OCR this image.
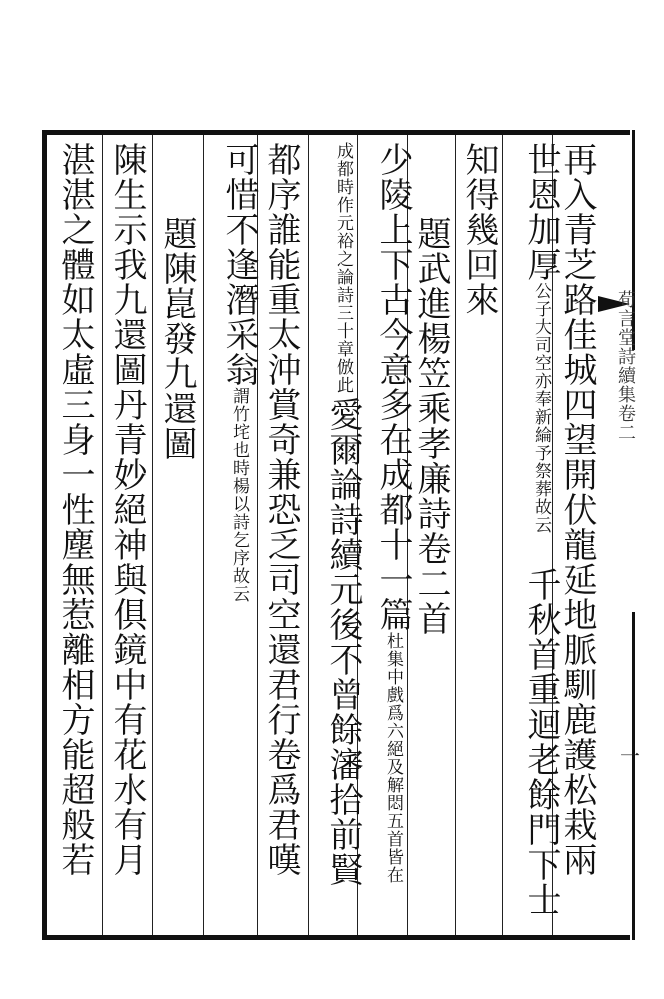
荀言堂詩續集卷二
一
再入青芝路佳城四望開伏龍延地脈馴鹿護松栽兩
世恩加厚公子大司空亦奉新綸予祭葬故云千秋首重迴老餘門下士
知得幾回來
題武進楊笠乘孝廉詩卷二首
少陵上下古今意多在成都十一篇杜集中戲爲六絕及解悶五首皆在
成都時作元裕之論詩三十章倣此愛爾論詩續元後不曾餘瀋拾前賢
都序誰能重太沖賞奇兼恐乏司空還君行卷爲君嘆
可惜不逢潛采翁謂竹垞也時楊以詩乞序故云
題陳崑發九還圖
陳生示我九還圖丹青妙絕神與俱鏡中有花水有月
湛湛之體如太虛三身一性塵無惹離相方能超般若
